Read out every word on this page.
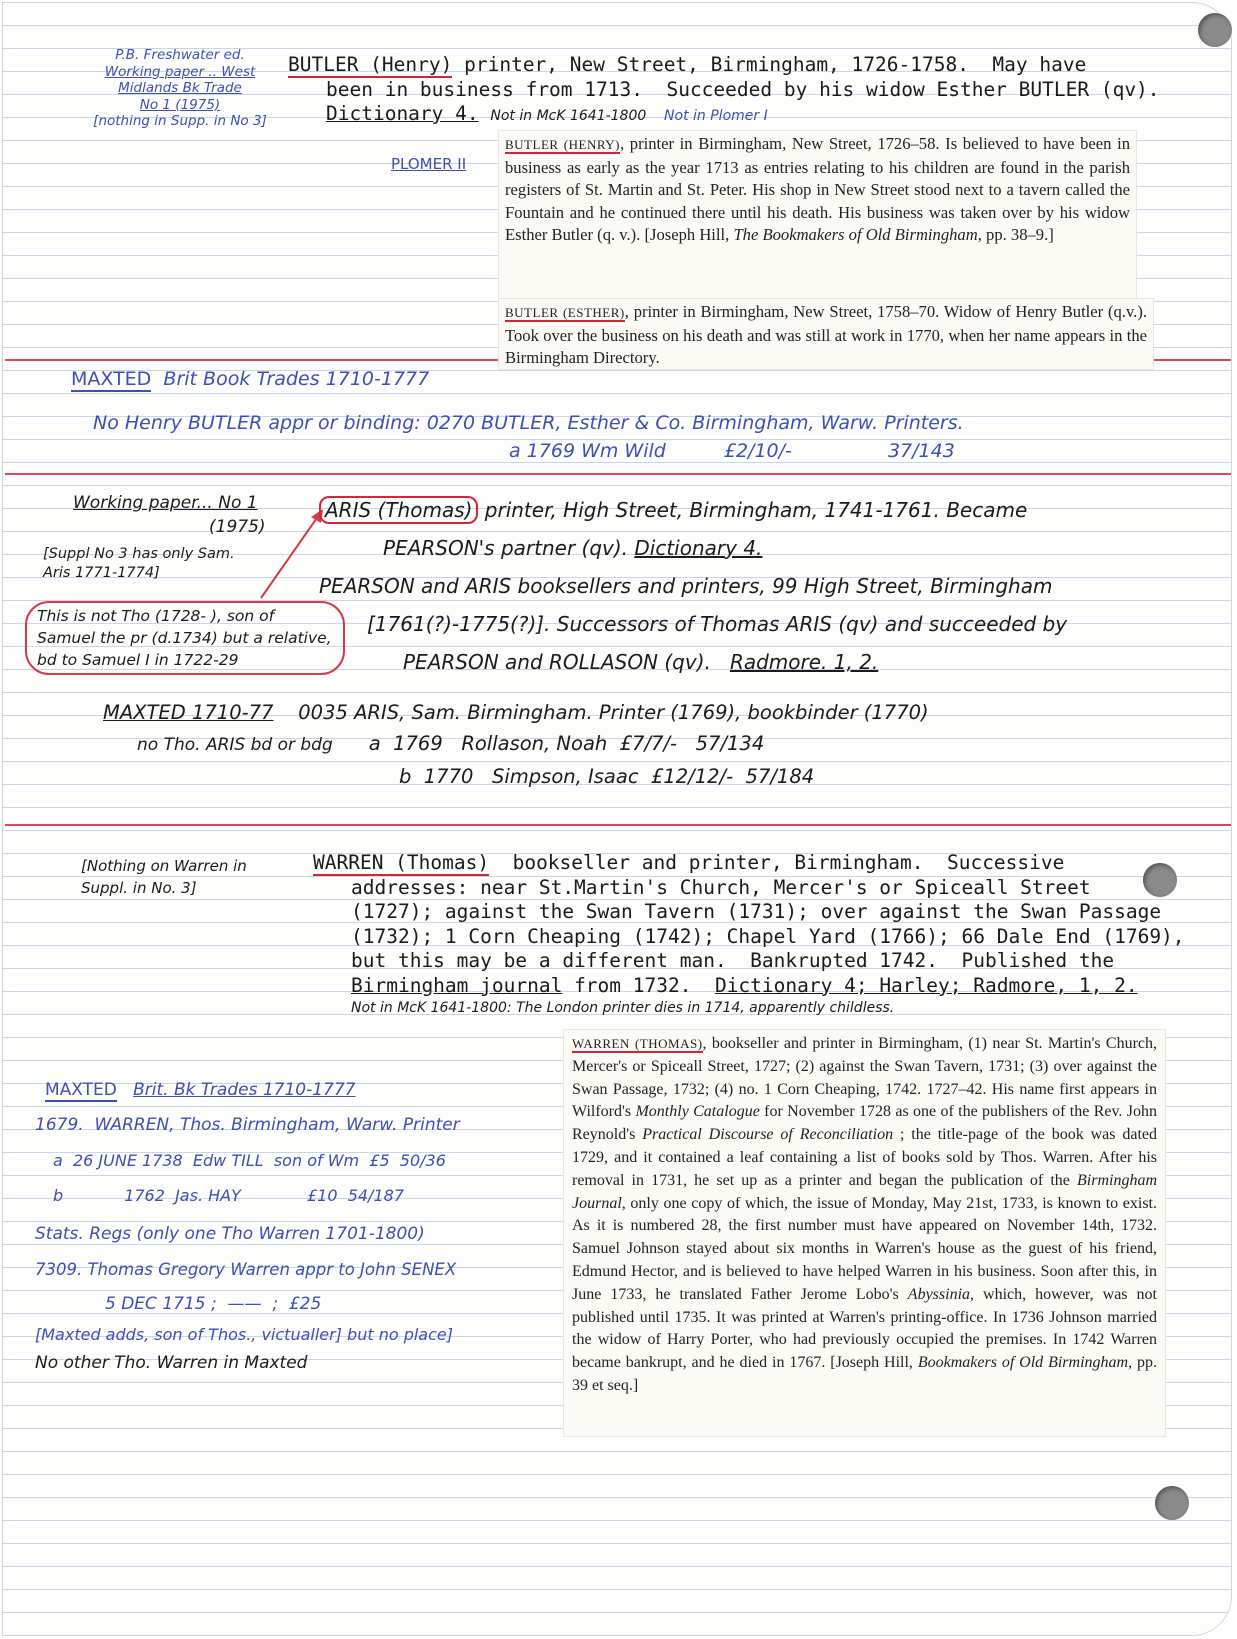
P.B. Freshwater ed.
Working paper .. West
Midlands Bk Trade
No 1 (1975)
[nothing in Supp. in No 3]
PLOMER II
BUTLER (Henry) printer, New Street, Birmingham, 1726-1758.  May have
been in business from 1713.  Succeeded by his widow Esther BUTLER (qv).
Dictionary 4. Not in McK 1641-1800 Not in Plomer I

BUTLER (HENRY), printer in Birmingham, New Street, 1726–58. Is believed to have been in business as early as the year 1713 as entries relating to his children are found in the parish registers of St. Martin and St. Peter. His shop in New Street stood next to a tavern called the Fountain and he continued there until his death. His business was taken over by his widow Esther Butler (q. v.). [Joseph Hill, The Bookmakers of Old Birmingham, pp. 38–9.]

BUTLER (ESTHER), printer in Birmingham, New Street, 1758–70. Widow of Henry Butler (q.v.). Took over the business on his death and was still at work in 1770, when her name appears in the Birmingham Directory.

MAXTED Brit Book Trades 1710-1777
No Henry BUTLER appr or binding: 0270 BUTLER, Esther & Co. Birmingham, Warw. Printers.
a 1769 Wm Wild	£2/10/-	37/143
Working paper... No 1
(1975)
[Suppl No 3 has only Sam. Aris 1771-1774]
This is not Tho (1728- ), son of Samuel the pr (d.1734) but a relative, bd to Samuel I in 1722-29
ARIS (Thomas) printer, High Street, Birmingham, 1741-1761. Became
PEARSON's partner (qv). Dictionary 4.
PEARSON and ARIS booksellers and printers, 99 High Street, Birmingham
[1761(?)-1775(?)]. Successors of Thomas ARIS (qv) and succeeded by
PEARSON and ROLLASON (qv). Radmore. 1, 2.
MAXTED 1710-77 0035 ARIS, Sam. Birmingham. Printer (1769), bookbinder (1770)
no Tho. ARIS bd or bdg a  1769   Rollason, Noah  £7/7/-   57/134
b  1770   Simpson, Isaac  £12/12/-  57/184
[Nothing on Warren in Suppl. in No. 3]
WARREN (Thomas)  bookseller and printer, Birmingham.  Successive
addresses: near St.Martin's Church, Mercer's or Spiceall Street
(1727); against the Swan Tavern (1731); over against the Swan Passage
(1732); 1 Corn Cheaping (1742); Chapel Yard (1766); 66 Dale End (1769),
but this may be a different man.  Bankrupted 1742.  Published the
Birmingham journal from 1732.  Dictionary 4; Harley; Radmore, 1, 2.
Not in McK 1641-1800: The London printer dies in 1714, apparently childless.

WARREN (THOMAS), bookseller and printer in Birmingham, (1) near St. Martin's Church, Mercer's or Spiceall Street, 1727; (2) against the Swan Tavern, 1731; (3) over against the Swan Passage, 1732; (4) no. 1 Corn Cheaping, 1742. 1727–42. His name first appears in Wilford's Monthly Catalogue for November 1728 as one of the publishers of the Rev. John Reynold's Practical Discourse of Reconciliation ; the title-page of the book was dated 1729, and it contained a leaf containing a list of books sold by Thos. Warren. After his removal in 1731, he set up as a printer and began the publication of the Birmingham Journal, only one copy of which, the issue of Monday, May 21st, 1733, is known to exist. As it is numbered 28, the first number must have appeared on November 14th, 1732. Samuel Johnson stayed about six months in Warren's house as the guest of his friend, Edmund Hector, and is believed to have helped Warren in his business. Soon after this, in June 1733, he translated Father Jerome Lobo's Abyssinia, which, however, was not published until 1735. It was printed at Warren's printing-office. In 1736 Johnson married the widow of Harry Porter, who had previously occupied the premises. In 1742 Warren became bankrupt, and he died in 1767. [Joseph Hill, Bookmakers of Old Birmingham, pp. 39 et seq.]

MAXTED Brit. Bk Trades 1710-1777
1679.  WARREN, Thos. Birmingham, Warw. Printer
a  26 JUNE 1738  Edw TILL  son of Wm  £5  50/36
b            1762  Jas. HAY             £10  54/187
Stats. Regs (only one Tho Warren 1701-1800)
7309. Thomas Gregory Warren appr to John SENEX
5 DEC 1715 ;  ——  ;  £25
[Maxted adds, son of Thos., victualler] but no place]
No other Tho. Warren in Maxted
